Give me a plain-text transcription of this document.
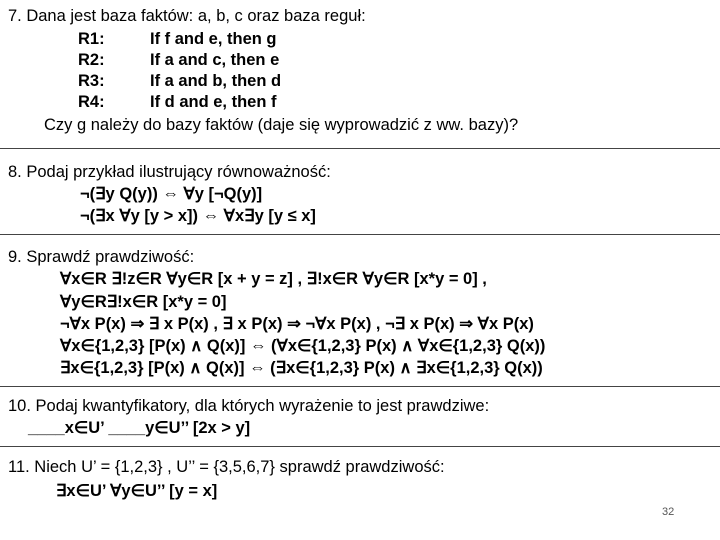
7. Dana jest baza faktów: a, b, c oraz baza reguł:
R1:	If f and e, then g
R2:	If a and c, then e
R3:	If a and b, then d
R4:	If d and e, then f
Czy g należy do bazy faktów (daje się wyprowadzić z ww. bazy)?
8. Podaj przykład ilustrujący równoważność:
¬(∃y Q(y)) ⇔ ∀y [¬Q(y)]
¬(∃x ∀y [y > x]) ⇔ ∀x∃y [y ≤ x]
9. Sprawdź prawdziwość:
∀x∈R ∃!z∈R ∀y∈R [x + y = z] , ∃!x∈R ∀y∈R [x*y = 0] ,
∀y∈R∃!x∈R [x*y = 0]
¬∀x P(x) ⇒ ∃ x P(x) , ∃ x P(x) ⇒ ¬∀x P(x) , ¬∃ x P(x) ⇒ ∀x P(x)
∀x∈{1,2,3} [P(x) ∧ Q(x)] ⇔ (∀x∈{1,2,3} P(x) ∧ ∀x∈{1,2,3} Q(x))
∃x∈{1,2,3} [P(x) ∧ Q(x)] ⇔ (∃x∈{1,2,3} P(x) ∧ ∃x∈{1,2,3} Q(x))
10. Podaj kwantyfikatory, dla których wyrażenie to jest prawdziwe:
____x∈U’ ____y∈U’’ [2x > y]
11. Niech U’ = {1,2,3} , U’’ = {3,5,6,7} sprawdź prawdziwość:
∃x∈U’ ∀y∈U’’ [y = x]
32
